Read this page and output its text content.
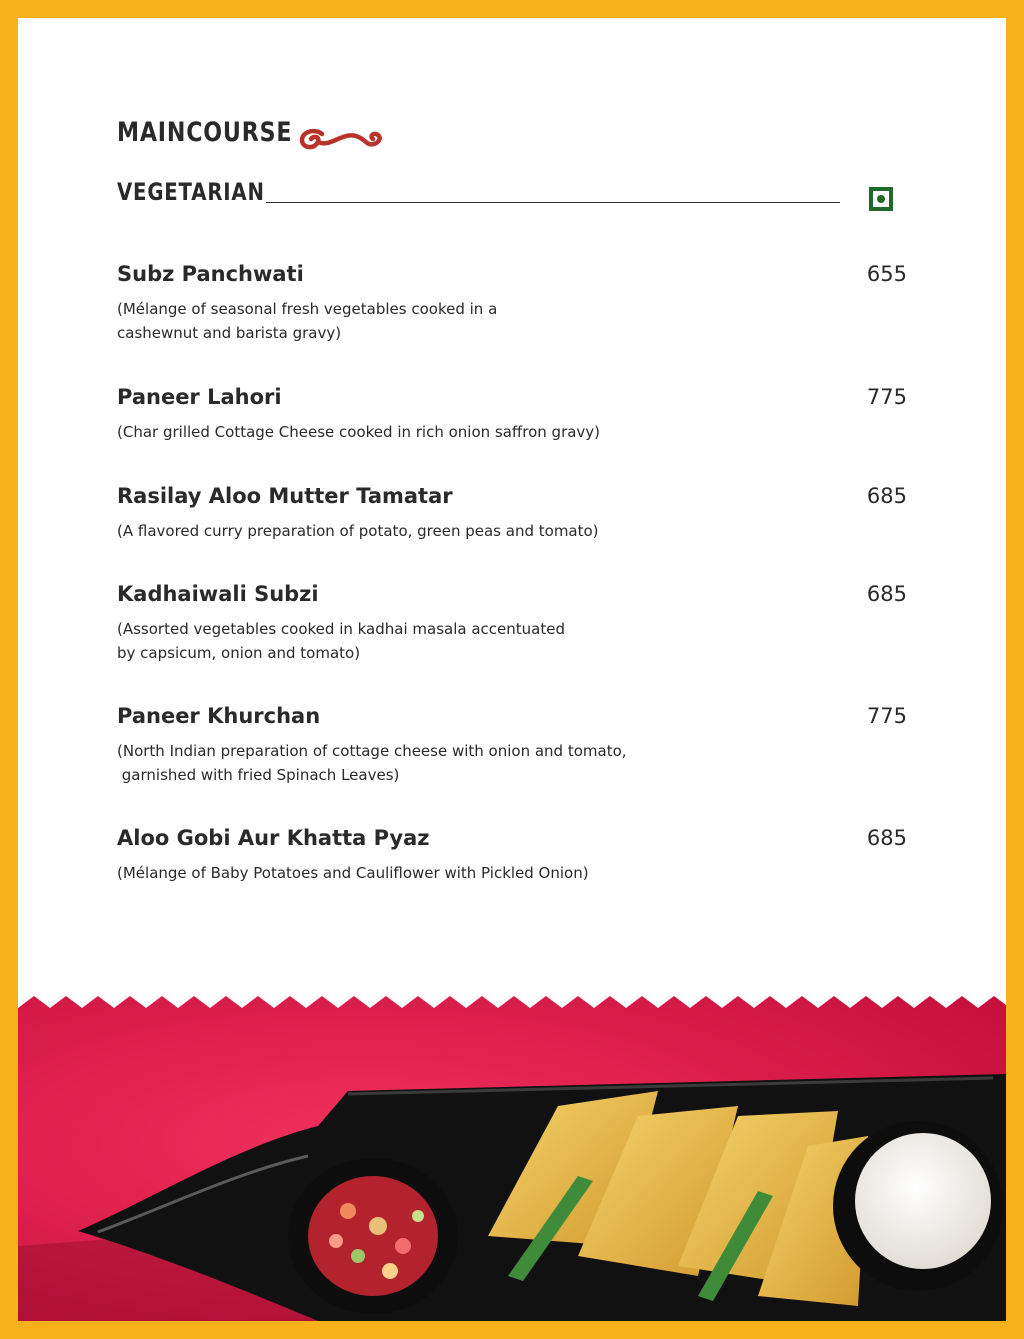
MAINCOURSE
VEGETARIAN
Subz Panchwati	655
(Mélange of seasonal fresh vegetables cooked in a
cashewnut and barista gravy)
Paneer Lahori	775
(Char grilled Cottage Cheese cooked in rich onion saffron gravy)
Rasilay Aloo Mutter Tamatar	685
(A flavored curry preparation of potato, green peas and tomato)
Kadhaiwali Subzi	685
(Assorted vegetables cooked in kadhai masala accentuated
by capsicum, onion and tomato)
Paneer Khurchan	775
(North Indian preparation of cottage cheese with onion and tomato,
garnished with fried Spinach Leaves)
Aloo Gobi Aur Khatta Pyaz	685
(Mélange of Baby Potatoes and Cauliflower with Pickled Onion)
